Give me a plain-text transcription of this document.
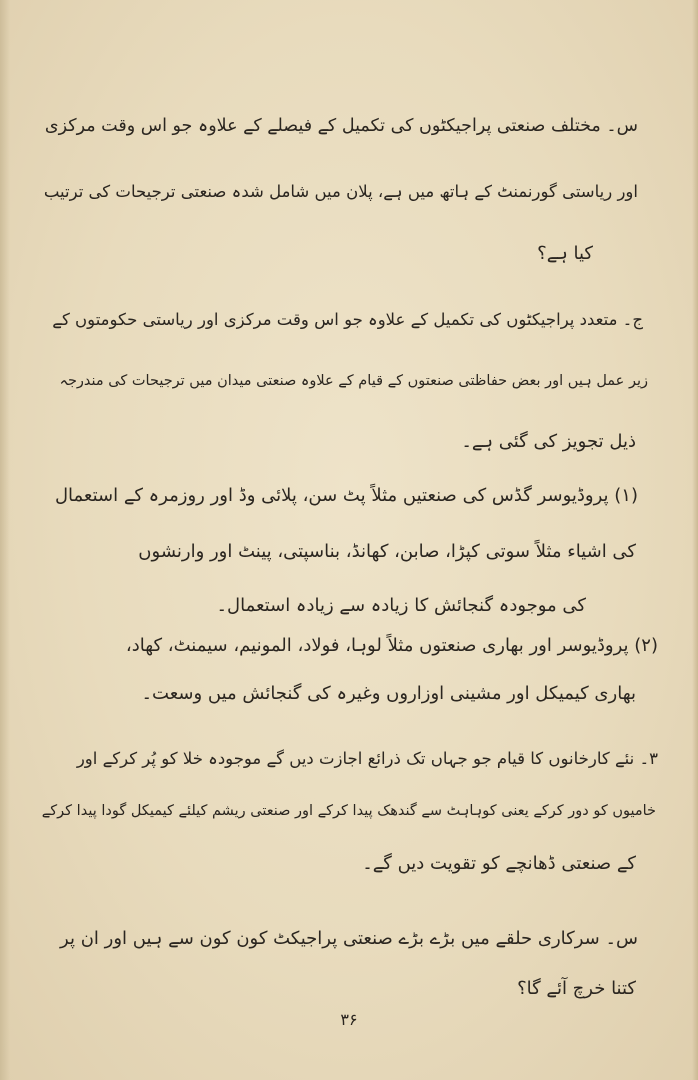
س۔ مختلف صنعتی پراجیکٹوں کی تکمیل کے فیصلے کے علاوہ جو اس وقت مرکزی
اور ریاستی گورنمنٹ کے ہاتھ میں ہے، پلان میں شامل شدہ صنعتی ترجیحات کی ترتیب
کیا ہے؟
ج۔ متعدد پراجیکٹوں کی تکمیل کے علاوہ جو اس وقت مرکزی اور ریاستی حکومتوں کے
زیر عمل ہیں اور بعض حفاظتی صنعتوں کے قیام کے علاوہ صنعتی میدان میں ترجیحات کی مندرجہ
ذیل تجویز کی گئی ہے۔
(۱) پروڈیوسر گڈس کی صنعتیں مثلاً پٹ سن، پلائی وڈ اور روزمرہ کے استعمال
کی اشیاء مثلاً سوتی کپڑا، صابن، کھانڈ، بناسپتی، پینٹ اور وارنشوں
کی موجودہ گنجائش کا زیادہ سے زیادہ استعمال۔
(۲) پروڈیوسر اور بھاری صنعتوں مثلاً لوہا، فولاد، المونیم، سیمنٹ، کھاد،
بھاری کیمیکل اور مشینی اوزاروں وغیرہ کی گنجائش میں وسعت۔
۳۔ نئے کارخانوں کا قیام جو جہاں تک ذرائع اجازت دیں گے موجودہ خلا کو پُر کرکے اور
خامیوں کو دور کرکے یعنی کوہاہٹ سے گندھک پیدا کرکے اور صنعتی ریشم کیلئے کیمیکل گودا پیدا کرکے
کے صنعتی ڈھانچے کو تقویت دیں گے۔
س۔ سرکاری حلقے میں بڑے بڑے صنعتی پراجیکٹ کون کون سے ہیں اور ان پر
کتنا خرچ آئے گا؟
۳۶
